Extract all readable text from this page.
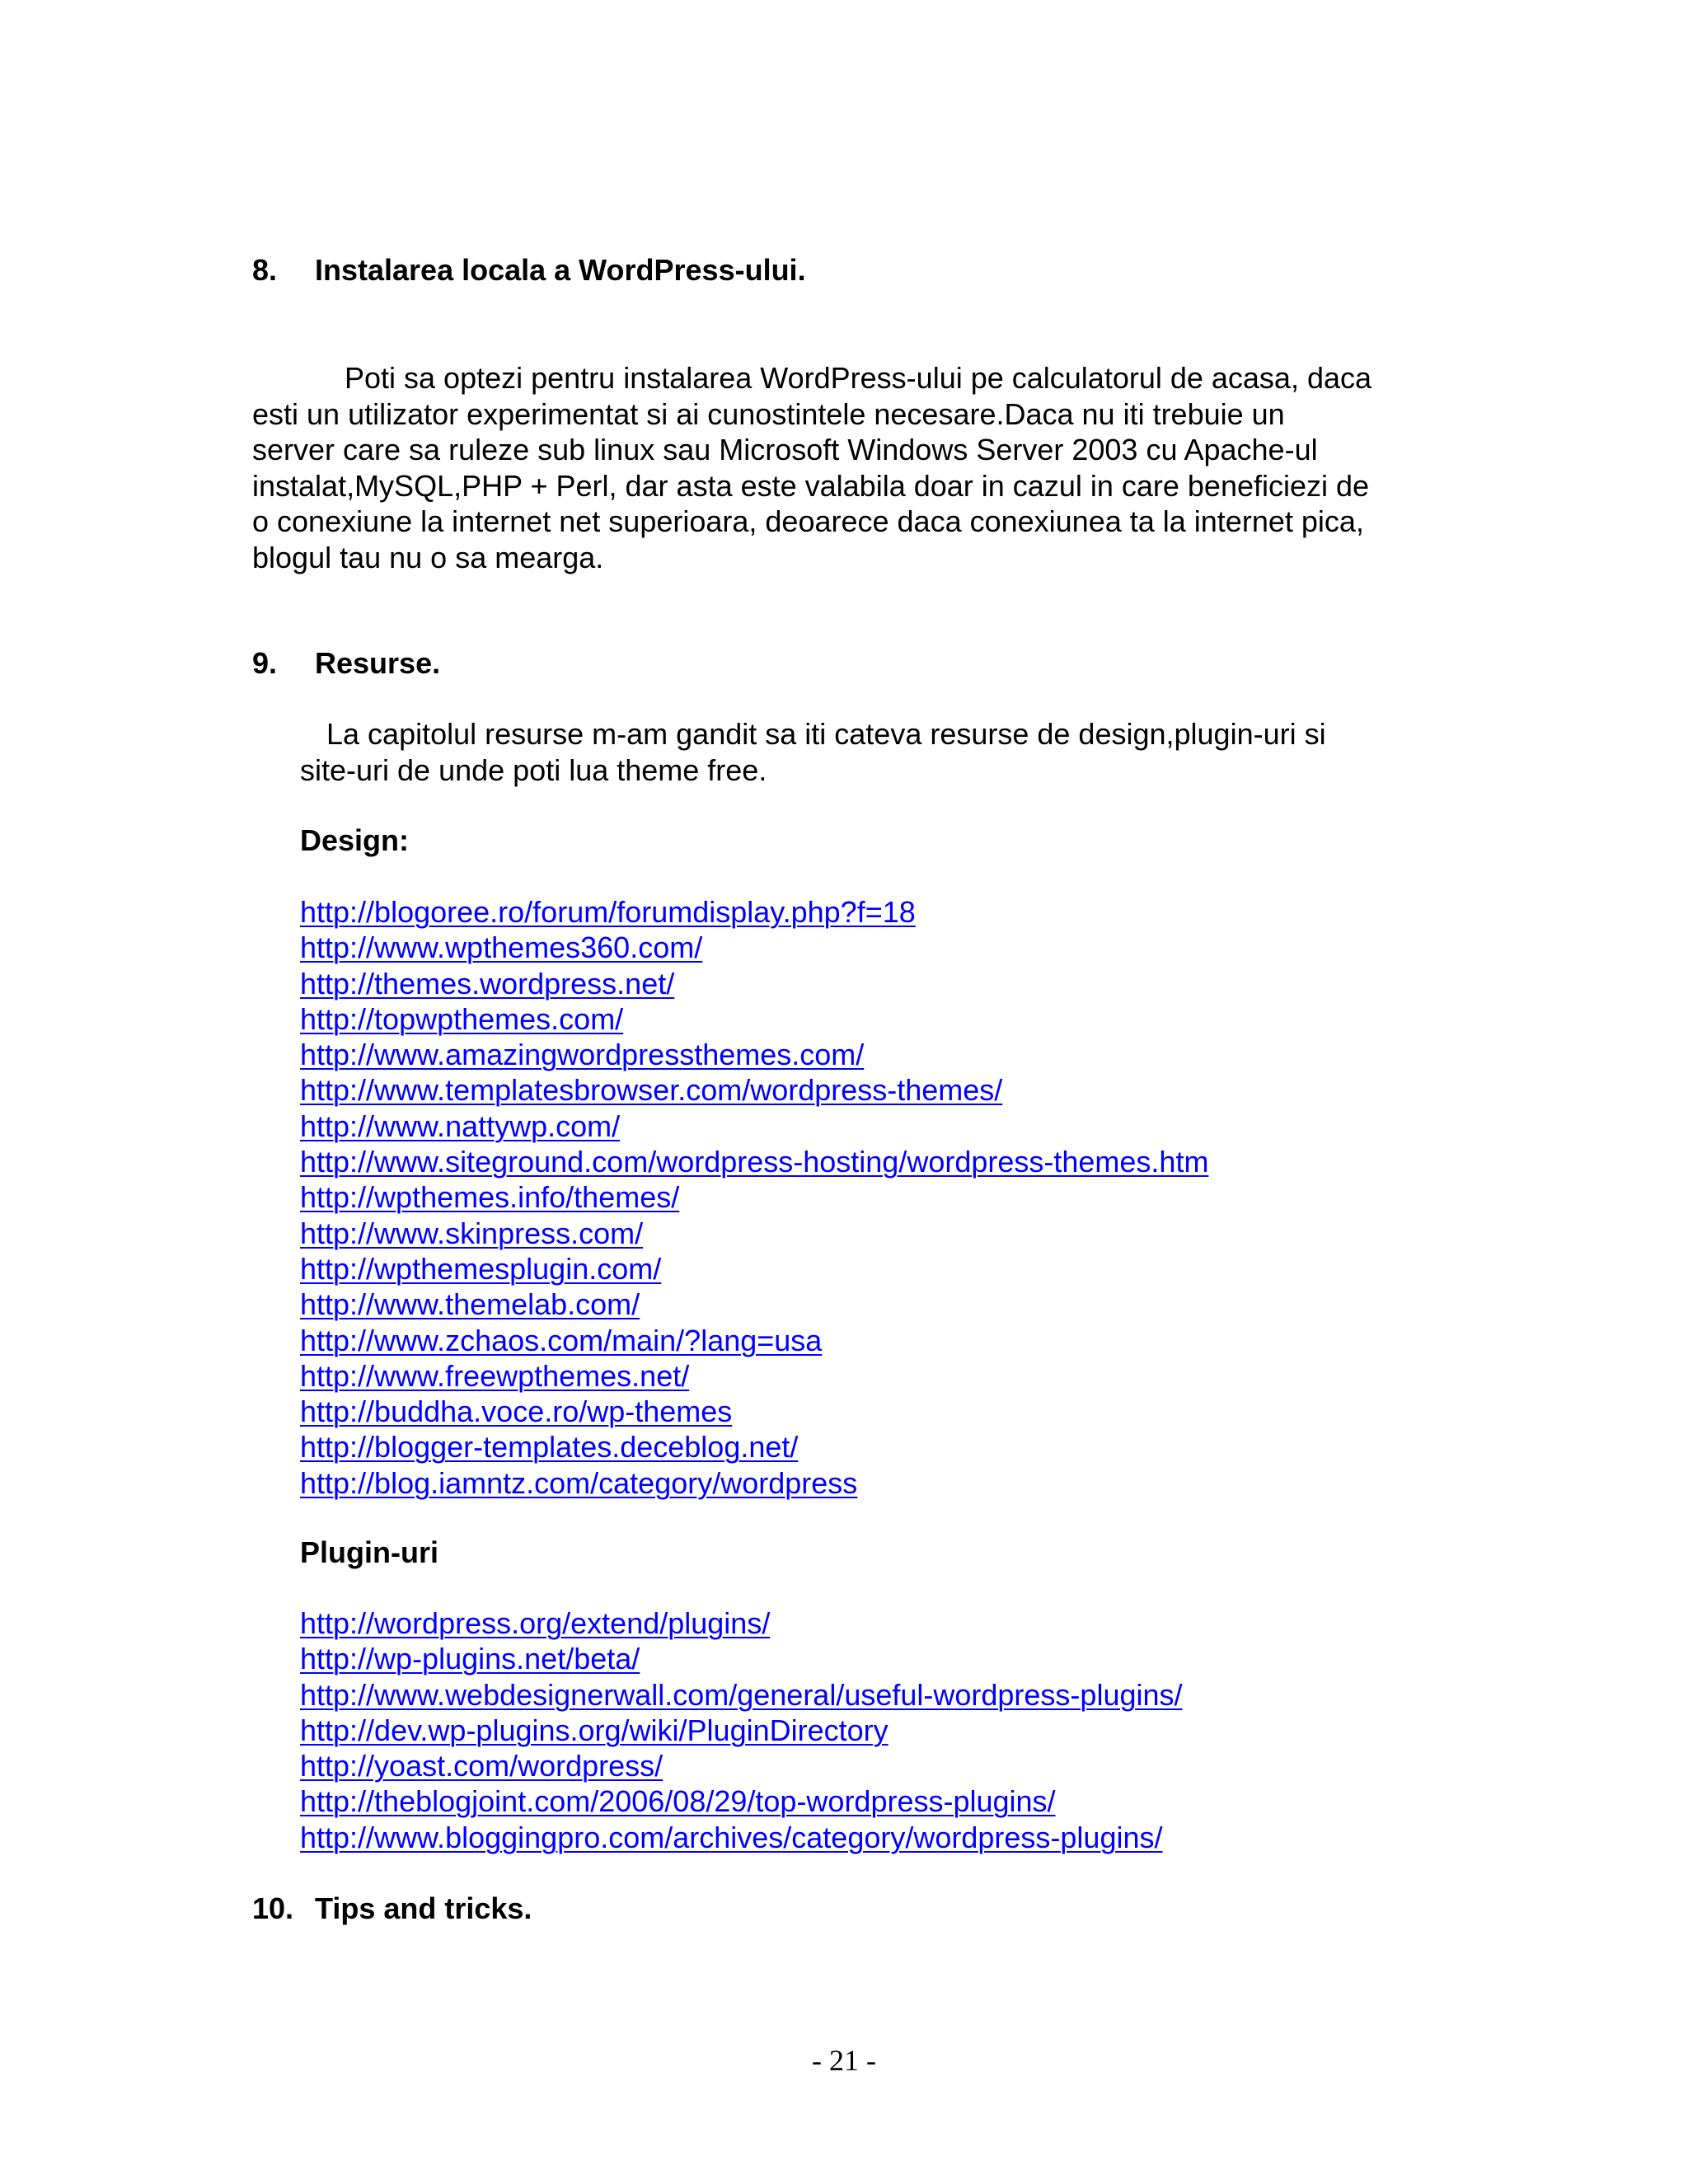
8. Instalarea locala a WordPress-ului.
Poti sa optezi pentru instalarea WordPress-ului pe calculatorul de acasa, daca
esti un utilizator experimentat si ai cunostintele necesare.Daca nu iti trebuie un
server care sa ruleze sub linux sau Microsoft Windows Server 2003 cu Apache-ul
instalat,MySQL,PHP + Perl, dar asta este valabila doar in cazul in care beneficiezi de
o conexiune la internet net superioara, deoarece daca conexiunea ta la internet pica,
blogul tau nu o sa mearga.
9. Resurse.
La capitolul resurse m-am gandit sa iti cateva resurse de design,plugin-uri si
site-uri de unde poti lua theme free.
Design:
http://blogoree.ro/forum/forumdisplay.php?f=18
http://www.wpthemes360.com/
http://themes.wordpress.net/
http://topwpthemes.com/
http://www.amazingwordpressthemes.com/
http://www.templatesbrowser.com/wordpress-themes/
http://www.nattywp.com/
http://www.siteground.com/wordpress-hosting/wordpress-themes.htm
http://wpthemes.info/themes/
http://www.skinpress.com/
http://wpthemesplugin.com/
http://www.themelab.com/
http://www.zchaos.com/main/?lang=usa
http://www.freewpthemes.net/
http://buddha.voce.ro/wp-themes
http://blogger-templates.deceblog.net/
http://blog.iamntz.com/category/wordpress
Plugin-uri
http://wordpress.org/extend/plugins/
http://wp-plugins.net/beta/
http://www.webdesignerwall.com/general/useful-wordpress-plugins/
http://dev.wp-plugins.org/wiki/PluginDirectory
http://yoast.com/wordpress/
http://theblogjoint.com/2006/08/29/top-wordpress-plugins/
http://www.bloggingpro.com/archives/category/wordpress-plugins/
10. Tips and tricks.
- 21 -
